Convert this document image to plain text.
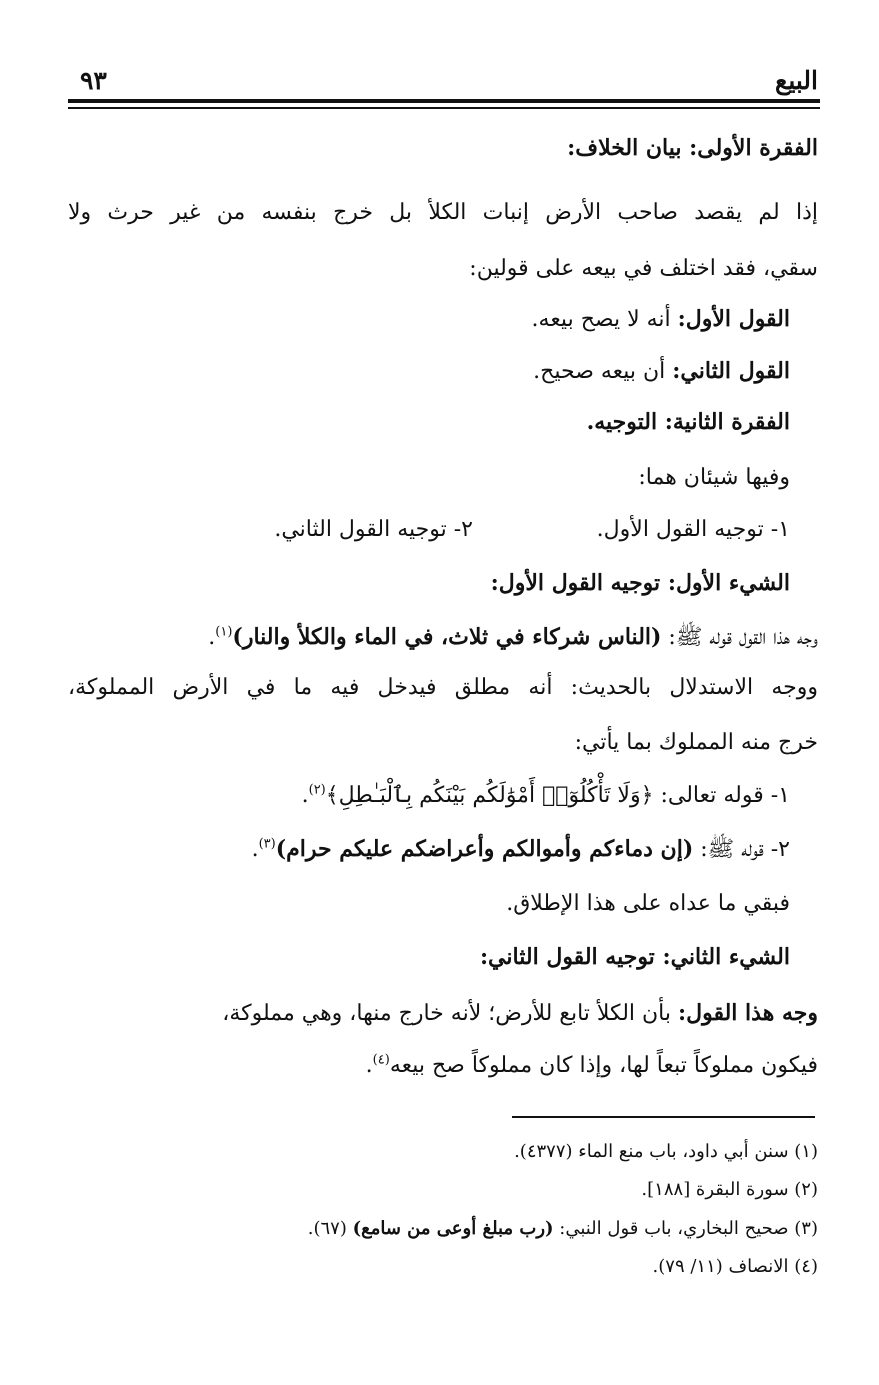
البيع
٩٣
الفقرة الأولى: بيان الخلاف:
إذا لم يقصد صاحب الأرض إنبات الكلأ بل خرج بنفسه من غير حرث ولا
سقي، فقد اختلف في بيعه على قولين:
القول الأول: أنه لا يصح بيعه.
القول الثاني: أن بيعه صحيح.
الفقرة الثانية: التوجيه.
وفيها شيئان هما:
١- توجيه القول الأول.
٢- توجيه القول الثاني.
الشيء الأول: توجيه القول الأول:
وجه هذا القول قوله ﷺ: (الناس شركاء في ثلاث، في الماء والكلأ والنار)$^{(١)}$.
ووجه الاستدلال بالحديث: أنه مطلق فيدخل فيه ما في الأرض المملوكة،
خرج منه المملوك بما يأتي:
١- قوله تعالى: ﴿وَلَا تَأْكُلُوٓا۟ أَمْوَٰلَكُم بَيْنَكُم بِٱلْبَـٰطِلِ﴾$^{(٢)}$.
٢- قوله ﷺ: (إن دماءكم وأموالكم وأعراضكم عليكم حرام)$^{(٣)}$.
فبقي ما عداه على هذا الإطلاق.
الشيء الثاني: توجيه القول الثاني:
وجه هذا القول: بأن الكلأ تابع للأرض؛ لأنه خارج منها، وهي مملوكة،
فيكون مملوكاً تبعاً لها، وإذا كان مملوكاً صح بيعه$^{(٤)}$.
(١) سنن أبي داود، باب منع الماء (٤٣٧٧).
(٢) سورة البقرة [١٨٨].
(٣) صحيح البخاري، باب قول النبي: (رب مبلغ أوعى من سامع) (٦٧).
(٤) الانصاف (١١/ ٧٩).
